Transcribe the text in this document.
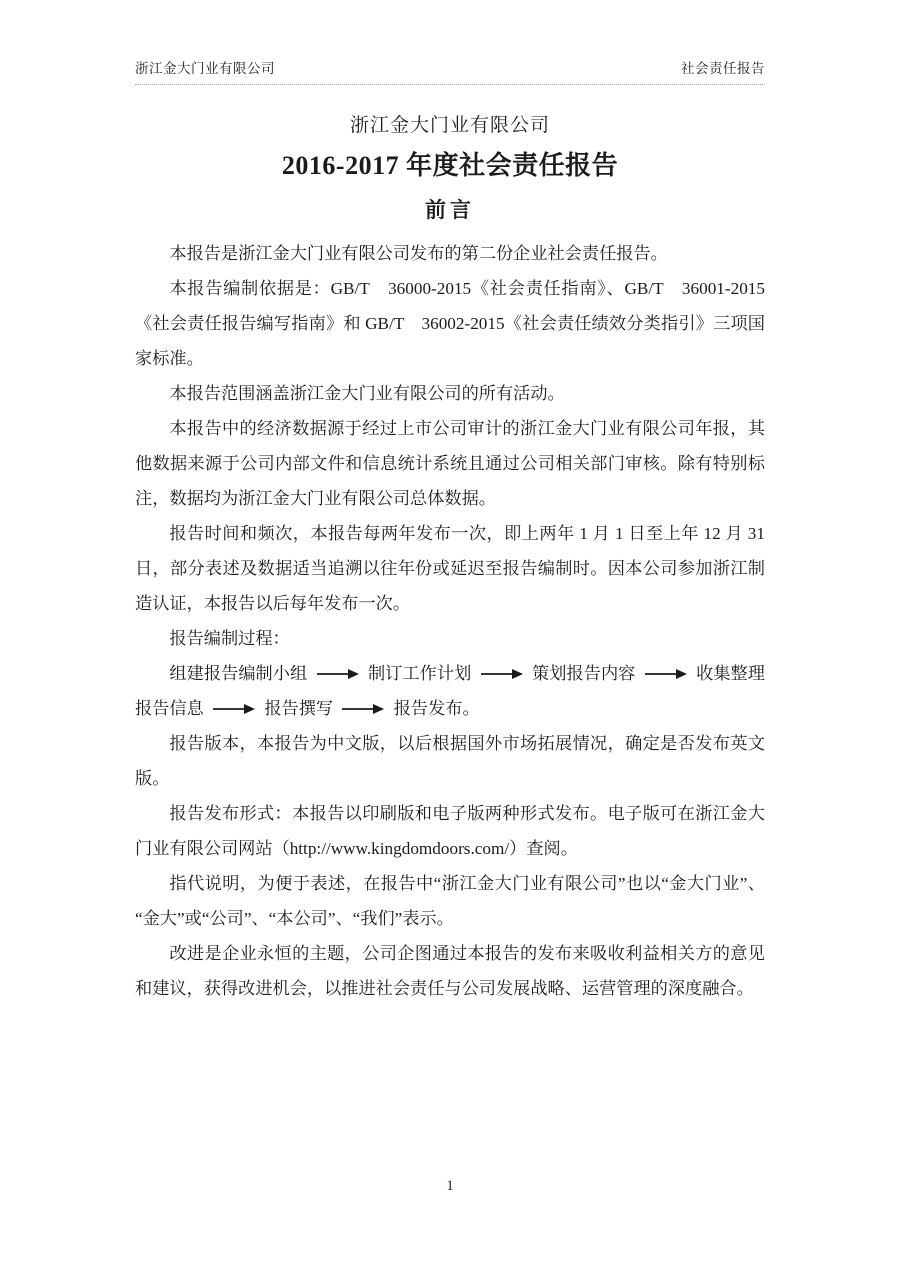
浙江金大门业有限公司	社会责任报告
浙江金大门业有限公司
2016-2017 年度社会责任报告
前言

本报告是浙江金大门业有限公司发布的第二份企业社会责任报告。

本报告编制依据是：GB/T　36000-2015《社会责任指南》、GB/T　36001-2015《社会责任报告编写指南》和 GB/T　36002-2015《社会责任绩效分类指引》三项国家标准。

本报告范围涵盖浙江金大门业有限公司的所有活动。

本报告中的经济数据源于经过上市公司审计的浙江金大门业有限公司年报，其他数据来源于公司内部文件和信息统计系统且通过公司相关部门审核。除有特别标注，数据均为浙江金大门业有限公司总体数据。

报告时间和频次，本报告每两年发布一次，即上两年 1 月 1 日至上年 12 月 31 日，部分表述及数据适当追溯以往年份或延迟至报告编制时。因本公司参加浙江制造认证，本报告以后每年发布一次。

报告编制过程：

组建报告编制小组	制订工作计划	策划报告内容	收集整理报告信息	报告撰写	报告发布。

报告版本，本报告为中文版，以后根据国外市场拓展情况，确定是否发布英文版。

报告发布形式：本报告以印刷版和电子版两种形式发布。电子版可在浙江金大门业有限公司网站（http://www.kingdomdoors.com/）查阅。

指代说明，为便于表述，在报告中“浙江金大门业有限公司”也以“金大门业”、“金大”或“公司”、“本公司”、“我们”表示。

改进是企业永恒的主题，公司企图通过本报告的发布来吸收利益相关方的意见和建议，获得改进机会，以推进社会责任与公司发展战略、运营管理的深度融合。

1
